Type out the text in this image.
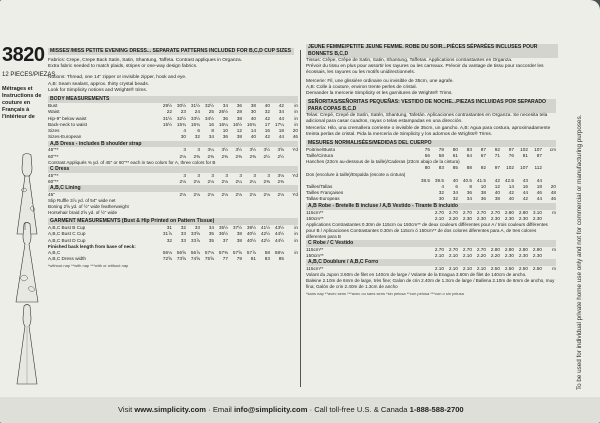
3820
12 PIECES/PIEZAS
Métrages et Instructions de couture en Français à l'intérieur de
MISSES'/MISS PETITE EVENING DRESS... SEPARATE PATTERNS INCLUDED FOR B,C,D CUP SIZES
JEUNE FEMME/PETITE JEUNE FEMME. ROBE DU SOIR...PIÈCES SÉPARÉES INCLUSES POUR BONNETS B,C,D
Fabrics: Crepe, Crepe Back Satin, Satin, Shantung, Taffeta. Contrast appliques in Organza.
Extra fabric needed to match plaids, stripes or one-way design fabrics.
Notions: Thread, one 14" zipper or invisible zipper, hook and eye.
A,B: Seam sealant, approx. thirty crystal beads.
Look for Simplicity notions and Wrights® trims.
BODY MEASUREMENTS
Bust	29½	30½	31½	32½	34	36	38	40	42	in
Waist	22	23	24	25	26½	28	30	32	34	in
Hip-9" below waist	31½	32½	33½	34½	36	38	40	42	44	in
Back-neck to waist	15½	15¾	15¾	16	16¼	16½	16¾	17	17¼	in
Sizes	4	6	8	10	12	14	16	18	20
Sizes-European	30	32	34	36	38	40	42	44	46
A,B Dress - includes B shoulder strap
45"**	3	3	3¼	3½	3½	3½	3½	3⅝	Yd
60"**	2⅛	2⅜	2⅜	2⅜	2⅜	2⅜	2½	2½
Contrast Appliqués ⅜ yd. of 45" or 60"** each in two colors for A, three colors for B
C Dress
45"**	3	3	3	3	3	3	3	3⅛	Yd
60"**	2⅛	2⅛	2⅛	2⅛	2¼	2¼	2⅜	2⅜
A,B,C Lining
45"	2⅛	2⅛	2⅛	2⅛	2⅛	2⅛	2⅛	2⅛	Yd
Slip Ruffle 3⅞ yd. of 54" wide net
Boning 2⅝ yd. of ½" wide featherweight
Horsehair braid 2⅝ yd. of ½" wide
GARMENT MEASUREMENTS (Bust & Hip Printed on Pattern Tissue)
A,B,C Bust B Cup	31	32	33	34	35½	37½	39½	41½	43½	in
A,B,C Bust C Cup	31⅞	33	33⅝	35	36½	38	40½	42½	44½	in
A,B,C Bust D Cup	32	33	33⅞	35	37	38	40½	42½	44½	in
Finished back length from base of neck:
A,B,C	56⅛	56⅝	56⅞	57⅛	57⅜	57⅝	57⅞	58	58⅛	in
A,B,C Dress width	72⅝	73⅝	74⅝	75⅝	77	79	81	83	85
*without nap **with nap ***with or without nap
Tissus: Crêpe, Crêpe de Satin, Satin, Shantung, Taffetas. Applications contrastantes en Organza.
Prévoir du tissu en plus pour assortir les rayures ou les carreaux. Prévoir du vantage de tissu pour raccorder les écossais, les rayures ou les motifs unidirectionnels.
Mercerie: Fil, une glissière ordinaire ou invisible de 35cm, une agrafe.
A,B: Colle à couture, environ trente perles de cristal.
Demander la mercerie Simplicity et les garnitures de Wrights® Trims.
SEÑORITAS/SEÑORITAS PEQUEÑAS: VESTIDO DE NOCHE...PIEZAS INCLUIDAS POR SEPARADO PARA COPAS B,C,D
Telas: Crepé, Crepé de Satín, Satén, Shantung, Tafetán. Aplicaciones contrastantes en Organza. Se necesita tela adicional para casar cuadros, rayas o telas estampadas en una dirección.
Mercería: Hilo, una cremallera corriente o invisible de 35cm, un gancho. A,B: Agua para costura, aproximadamente treinta perlas de cristal. Pida la mercería de Simplicity y los adornos de Wrights® Trims.
MESURES NORMALISÉES/MEDIDAS DEL CUERPO
Poitrine/Busto	75	78	80	83	87	92	97	102	107	cm
Taille/Cintura	56	58	61	64	67	71	76	81	87
Hanches (23cm au-dessous de la taille)/Caderas (23cm abajo de la cintura)
80	83	85	88	92	97	102	107	112
Dos (encolure à taille)/Espalda (escote a cintura)
38.5	39.5	40	40.5	41.5	42	42.5	43	44
Tailles/Tallas	4	6	8	10	12	14	16	18	20
Tailles Françaises	32	34	36	38	40	42	44	46	48
Tallas-Europeas	30	32	34	36	38	40	42	44	46
A,B Robe - Bretelle B incluse / A,B Vestido - Tirante B incluido
115cm**	2.70	2.70	2.70	2.70	2.70	2.80	2.80	3.10	m
150cm**	2.10	2.20	2.30	2.30	2.30	2.30	2.30	2.30
Applications Contrastantes 0.30m de 115cm ou 150cm** de deux couleurs différentes pour A / trois couleurs différentes pour B / Aplicaciones Contrastantes 0.30m de 115cm ó 150cm** de dos colores diferentes para A, de tres colores diferentes para B
C Robe / C Vestido
115cm**	2.70	2.70	2.70	2.70	2.80	2.80	2.80	2.90	m
150cm**	2.10	2.10	2.10	2.20	2.20	2.30	2.30	2.30
A,B,C Doublure / A,B,C Forro
115cm**	2.10	2.10	2.10	2.10	2.50	2.50	2.50	2.50	m
Volant du Jupon 3.60m de filet en 140cm de large / Volante de la Enagua 3.60m de filet de 140cm de ancho.
Baleine 2.10m de 6mm de large, très fine; Galon de crin 2.40m de 1.3cm de large / Ballena 2.10m de 6mm de ancho, muy fina; Galón de crin 2.40m de 1.3cm de ancho
*sans nap **avec sens ***avec ou sans sens *sin pelusa **con pelusa ***con o sin pelusa	To be used for individual private home use only and not for commercial or manufacturing purposes.
Visit www.simplicity.com · Email info@simplicity.com · Call toll-free U.S. & Canada 1-888-588-2700
